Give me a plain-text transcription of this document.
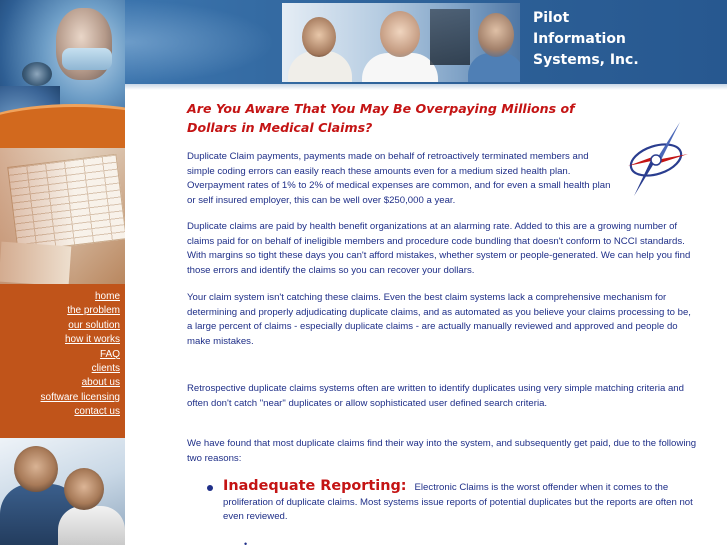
home
the problem
our solution
how it works
FAQ
clients
about us
software licensing
contact us
Pilot
Information
Systems, Inc.
Are You Aware That You May Be Overpaying Millions of Dollars in Medical Claims?

Duplicate Claim payments, payments made on behalf of retroactively terminated members and simple coding errors can easily reach these amounts even for a medium sized health plan. Overpayment rates of 1% to 2% of medical expenses are common, and for even a small health plan or self insured employer, this can be well over $250,000 a year.

Duplicate claims are paid by health benefit organizations at an alarming rate. Added to this are a growing number of claims paid for on behalf of ineligible members and procedure code bundling that doesn't conform to NCCI standards. With margins so tight these days you can't afford mistakes, whether system or people-generated. We can help you find those errors and identify the claims so you can recover your dollars.

Your claim system isn't catching these claims. Even the best claim systems lack a comprehensive mechanism for determining and properly adjudicating duplicate claims, and as automated as you believe your claims processing to be, a large percent of claims - especially duplicate claims - are actually manually reviewed and approved and people do make mistakes.

Retrospective duplicate claims systems often are written to identify duplicates using very simple matching criteria and often don't catch "near" duplicates or allow sophisticated user defined search criteria.

We have found that most duplicate claims find their way into the system, and subsequently get paid, due to the following two reasons:

Inadequate Reporting: Electronic Claims is the worst offender when it comes to the proliferation of duplicate claims. Most systems issue reports of potential duplicates but the reports are often not even reviewed.
•
